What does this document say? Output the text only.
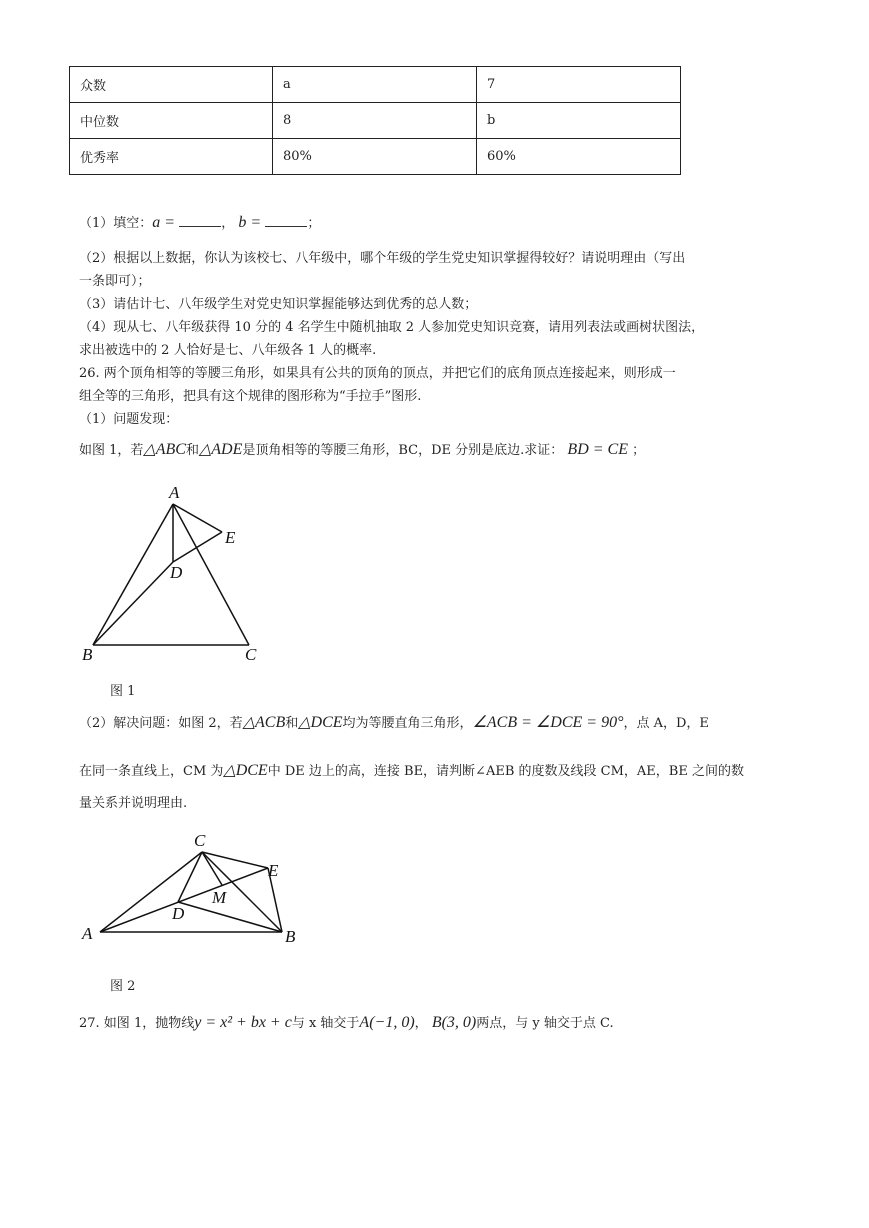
众数	a	7
中位数	8	b
优秀率	80%	60%
（1）填空：a =	， b =	；
（2）根据以上数据，你认为该校七、八年级中，哪个年级的学生党史知识掌握得较好？请说明理由（写出
一条即可）；
（3）请估计七、八年级学生对党史知识掌握能够达到优秀的总人数；
（4）现从七、八年级获得 10 分的 4 名学生中随机抽取 2 人参加党史知识竞赛，请用列表法或画树状图法，
求出被选中的 2 人恰好是七、八年级各 1 人的概率.
26. 两个顶角相等的等腰三角形，如果具有公共的顶角的顶点，并把它们的底角顶点连接起来，则形成一
组全等的三角形，把具有这个规律的图形称为“手拉手”图形.
（1）问题发现：
如图 1，若△ABC和△ADE是顶角相等的等腰三角形，BC，DE 分别是底边.求证： BD = CE ；
A
E
D
B	C
图 1
（2）解决问题：如图 2，若△ACB和△DCE均为等腰直角三角形，∠ACB = ∠DCE = 90°，点 A，D，E
在同一条直线上，CM 为△DCE中 DE 边上的高，连接 BE，请判断∠AEB 的度数及线段 CM，AE，BE 之间的数
量关系并说明理由.
C
E
M
D
A	B
图 2
27. 如图 1，抛物线y = x² + bx + c与 x 轴交于A(−1, 0)， B(3, 0)两点，与 y 轴交于点 C.
